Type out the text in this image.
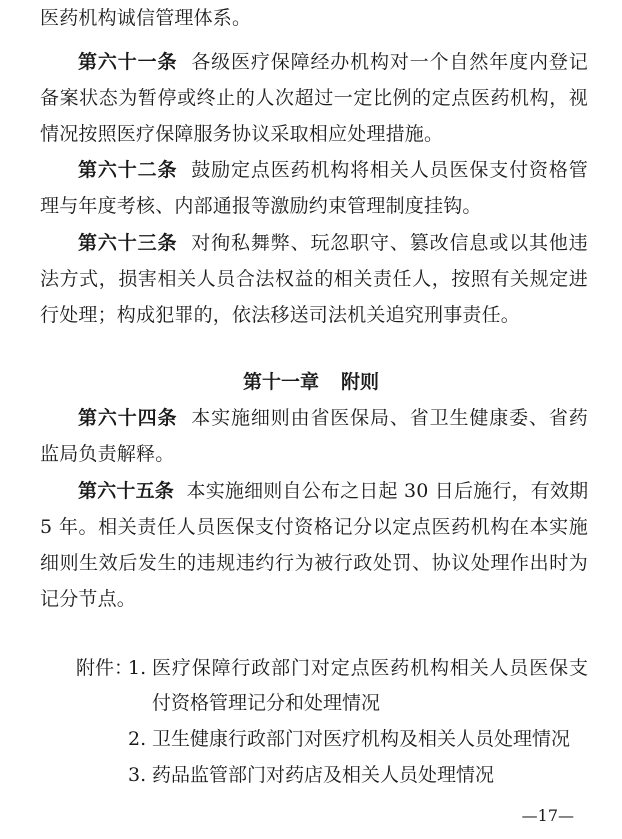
医药机构诚信管理体系。
第六十一条 各级医疗保障经办机构对一个自然年度内登记
备案状态为暂停或终止的人次超过一定比例的定点医药机构，视
情况按照医疗保障服务协议采取相应处理措施。
第六十二条 鼓励定点医药机构将相关人员医保支付资格管
理与年度考核、内部通报等激励约束管理制度挂钩。
第六十三条 对徇私舞弊、玩忽职守、篡改信息或以其他违
法方式，损害相关人员合法权益的相关责任人，按照有关规定进
行处理；构成犯罪的，依法移送司法机关追究刑事责任。
第十一章 附则
第六十四条 本实施细则由省医保局、省卫生健康委、省药
监局负责解释。
第六十五条 本实施细则自公布之日起 30 日后施行，有效期
5 年。相关责任人员医保支付资格记分以定点医药机构在本实施
细则生效后发生的违规违约行为被行政处罚、协议处理作出时为
记分节点。
附件：
1. 医疗保障行政部门对定点医药机构相关人员医保支
付资格管理记分和处理情况
2. 卫生健康行政部门对医疗机构及相关人员处理情况
3. 药品监管部门对药店及相关人员处理情况
—17—
